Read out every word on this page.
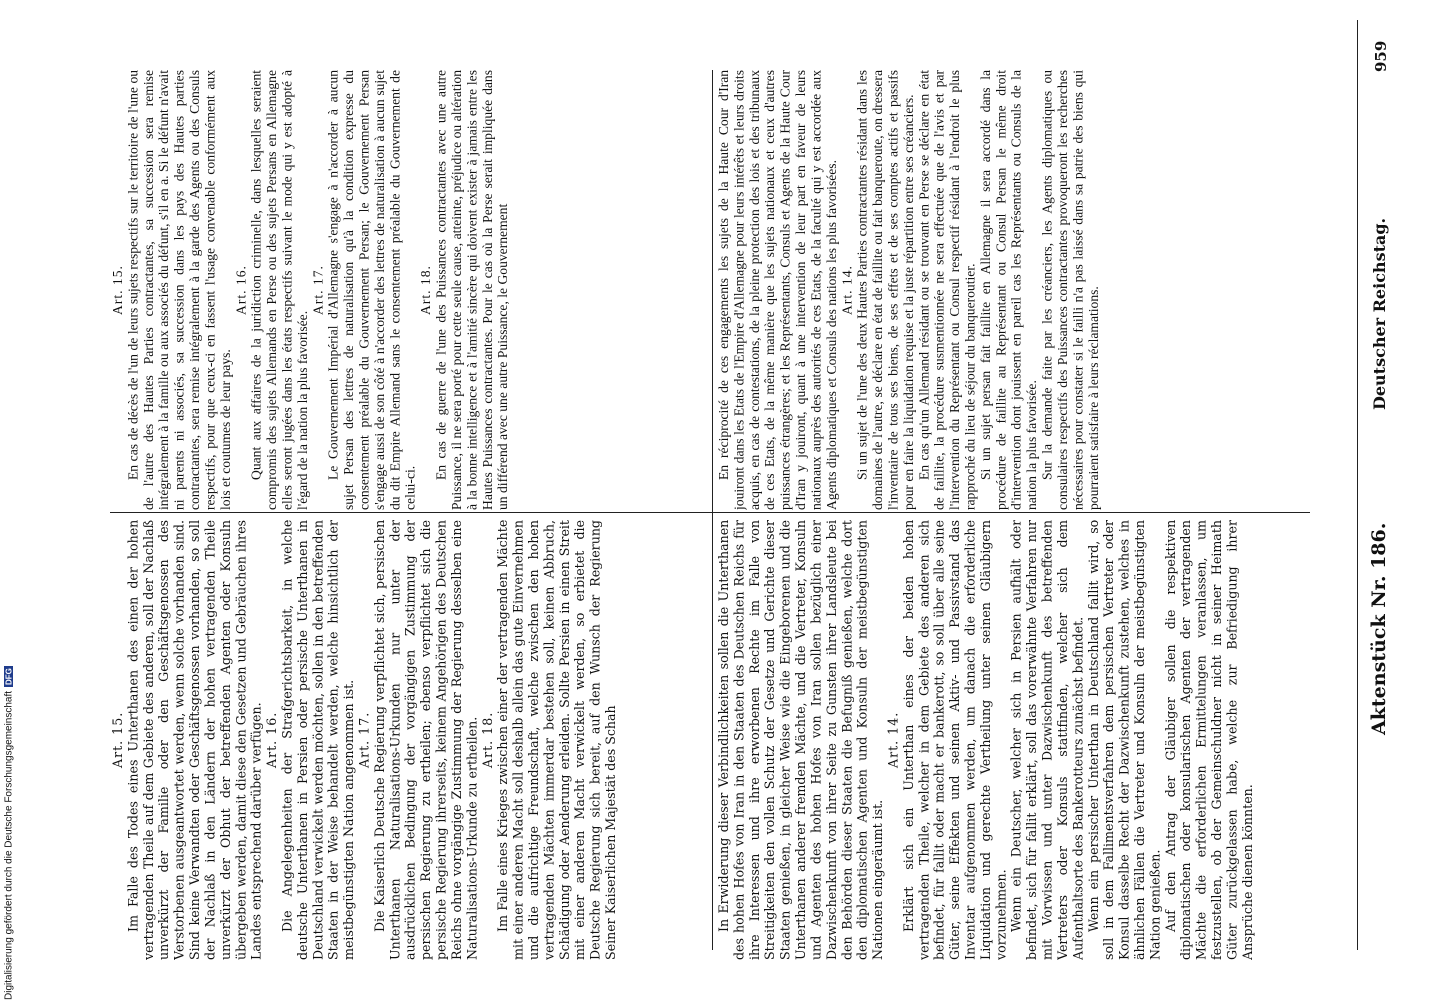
959
Aktenstück Nr. 186.
Deutscher Reichstag.

En réciprocité de ces engagements les sujets de la Haute Cour d'Iran jouiront dans les Etats de l'Empire d'Allemagne pour leurs intérêts et leurs droits acquis, en cas de contestations, de la pleine protection des lois et des tribunaux de ces Etats, de la même manière que les sujets nationaux et ceux d'autres puissances étrangères; et les Représentants, Consuls et Agents de la Haute Cour d'Iran y jouiront, quant à une intervention de leur part en faveur de leurs nationaux auprès des autorités de ces Etats, de la faculté qui y est accordée aux Agents diplomatiques et Consuls des nations les plus favorisées. Art. 14. Si un sujet de l'une des deux Hautes Parties contractantes résidant dans les domaines de l'autre, se déclare en état de faillite ou fait banqueroute, on dressera l'inventaire de tous ses biens, de ses effets et de ses comptes actifs et passifs pour en faire la liquidation requise et la juste répartition entre ses créanciers. En cas qu'un Allemand résidant ou se trouvant en Perse se déclare en état de faillite, la procédure susmentionnée ne sera effectuée que de l'avis et par l'intervention du Représentant ou Consul respectif résidant à l'endroit le plus rapproché du lieu de séjour du banqueroutier. Si un sujet persan fait faillite en Allemagne il sera accordé dans la procédure de faillite au Représentant ou Consul Persan le même droit d'intervention dont jouissent en pareil cas les Représentants ou Consuls de la nation la plus favorisée. Sur la demande faite par les créanciers, les Agents diplomatiques ou consulaires respectifs des Puissances contractantes provoqueront les recherches nécessaires pour constater si le failli n'a pas laissé dans sa patrie des biens qui pourraient satisfaire à leurs réclamations.

Art. 15. En cas de décès de l'un de leurs sujets respectifs sur le territoire de l'une ou de l'autre des Hautes Parties contractantes, sa succession sera remise intégralement à la famille ou aux associés du défunt, s'il en a. Si le défunt n'avait ni parents ni associés, sa succession dans les pays des Hautes parties contractantes, sera remise intégralement à la garde des Agents ou des Consuls respectifs, pour que ceux-ci en fassent l'usage convenable conformément aux lois et coutumes de leur pays.

Art. 16. Quant aux affaires de la juridiction criminelle, dans lesquelles seraient compromis des sujets Allemands en Perse ou des sujets Persans en Allemagne elles seront jugées dans les états respectifs suivant le mode qui y est adopté à l'égard de la nation la plus favorisée.

Art. 17. Le Gouvernement Impérial d'Allemagne s'engage à n'accorder à aucun sujet Persan des lettres de naturalisation qu'à la condition expresse du consentement préalable du Gouvernement Persan; le Gouvernement Persan s'engage aussi de son côté à n'accorder des lettres de naturalisation à aucun sujet du dit Empire Allemand sans le consentement préalable du Gouvernement de celui-ci.

Art. 18. En cas de guerre de l'une des Puissances contractantes avec une autre Puissance, il ne sera porté pour cette seule cause, atteinte, préjudice ou altération à la bonne intelligence et à l'amitié sincère qui doivent exister à jamais entre les Hautes Puissances contractantes. Pour le cas où la Perse serait impliquée dans un différend avec une autre Puissance, le Gouvernement

In Erwiderung dieser Verbindlichkeiten sollen die Unterthanen des hohen Hofes von Iran in den Staaten des Deutschen Reichs für ihre Interessen und ihre erworbenen Rechte im Falle von Streitigkeiten den vollen Schutz der Gesetze und Gerichte dieser Staaten genießen, in gleicher Weise wie die Eingeborenen und die Unterthanen anderer fremden Mächte, und die Vertreter, Konsuln und Agenten des hohen Hofes von Iran sollen bezüglich einer Dazwischenkunft von ihrer Seite zu Gunsten ihrer Landsleute bei den Behörden dieser Staaten die Befugniß genießen, welche dort den diplomatischen Agenten und Konsuln der meistbegünstigten Nationen eingeräumt ist.

Art. 14. Erklärt sich ein Unterthan eines der beiden hohen vertragenden Theile, welcher in dem Gebiete des anderen sich befindet, für fallit oder macht er bankerott, so soll über alle seine Güter, seine Effekten und seinen Aktiv- und Passivstand das Inventar aufgenommen werden, um danach die erforderliche Liquidation und gerechte Vertheilung unter seinen Gläubigern vorzunehmen. Wenn ein Deutscher, welcher sich in Persien aufhält oder befindet, sich für fallit erklärt, soll das vorerwähnte Verfahren nur mit Vorwissen und unter Dazwischenkunft des betreffenden Vertreters oder Konsuls stattfinden, welcher sich dem Aufenthaltsorte des Bankerotteurs zunächst befindet. Wenn ein persischer Unterthan in Deutschland fallit wird, so soll in dem Fallimentsverfahren dem persischen Vertreter oder Konsul dasselbe Recht der Dazwischenkunft zustehen, welches in ähnlichen Fällen die Vertreter und Konsuln der meistbegünstigten Nation genießen. Auf den Antrag der Gläubiger sollen die respektiven diplomatischen oder konsularischen Agenten der vertragenden Mächte die erforderlichen Ermittelungen veranlassen, um festzustellen, ob der Gemeinschuldner nicht in seiner Heimath Güter zurückgelassen habe, welche zur Befriedigung ihrer Ansprüche dienen könnten.

Art. 15. Im Falle des Todes eines Unterthanen des einen der hohen vertragenden Theile auf dem Gebiete des anderen, soll der Nachlaß unverkürzt der Familie oder den Geschäftsgenossen des Verstorbenen ausgeantwortet werden, wenn solche vorhanden sind. Sind keine Verwandten oder Geschäftsgenossen vorhanden, so soll der Nachlaß in den Ländern der hohen vertragenden Theile unverkürzt der Obhut der betreffenden Agenten oder Konsuln übergeben werden, damit diese den Gesetzen und Gebräuchen ihres Landes entsprechend darüber verfügen. Art. 16. Die Angelegenheiten der Strafgerichtsbarkeit, in welche deutsche Unterthanen in Persien oder persische Unterthanen in Deutschland verwickelt werden möchten, sollen in den betreffenden Staaten in der Weise behandelt werden, welche hinsichtlich der meistbegünstigten Nation angenommen ist. Art. 17. Die Kaiserlich Deutsche Regierung verpflichtet sich, persischen Unterthanen Naturalisations-Urkunden nur unter der ausdrücklichen Bedingung der vorgängigen Zustimmung der persischen Regierung zu ertheilen; ebenso verpflichtet sich die persische Regierung ihrerseits, keinem Angehörigen des Deutschen Reichs ohne vorgängige Zustimmung der Regierung desselben eine Naturalisations-Urkunde zu ertheilen. Art. 18. Im Falle eines Krieges zwischen einer der vertragenden Mächte mit einer anderen Macht soll deshalb allein das gute Einvernehmen und die aufrichtige Freundschaft, welche zwischen den hohen vertragenden Mächten immerdar bestehen soll, keinen Abbruch, Schädigung oder Aenderung erleiden. Sollte Persien in einen Streit mit einer anderen Macht verwickelt werden, so erbietet die Deutsche Regierung sich bereit, auf den Wunsch der Regierung Seiner Kaiserlichen Majestät des Schah

Digitalisierung gefördert durch die Deutsche Forschungsgemeinschaft
DFG
